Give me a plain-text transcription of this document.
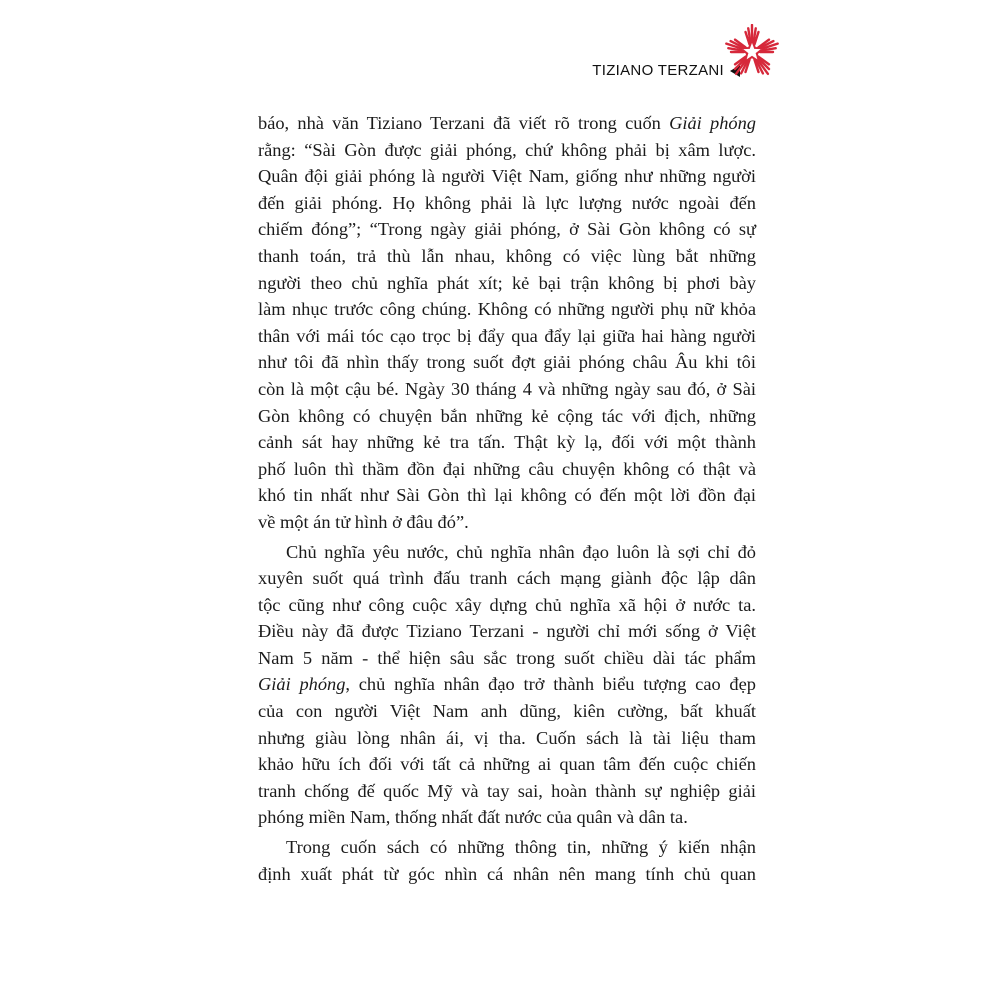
TIZIANO TERZANI
báo, nhà văn Tiziano Terzani đã viết rõ trong cuốn Giải phóng
rằng: “Sài Gòn được giải phóng, chứ không phải bị xâm lược.
Quân đội giải phóng là người Việt Nam, giống như những người
đến giải phóng. Họ không phải là lực lượng nước ngoài đến
chiếm đóng”; “Trong ngày giải phóng, ở Sài Gòn không có sự
thanh toán, trả thù lẫn nhau, không có việc lùng bắt những
người theo chủ nghĩa phát xít; kẻ bại trận không bị phơi bày
làm nhục trước công chúng. Không có những người phụ nữ khỏa
thân với mái tóc cạo trọc bị đẩy qua đẩy lại giữa hai hàng người
như tôi đã nhìn thấy trong suốt đợt giải phóng châu Âu khi tôi
còn là một cậu bé. Ngày 30 tháng 4 và những ngày sau đó, ở Sài
Gòn không có chuyện bắn những kẻ cộng tác với địch, những
cảnh sát hay những kẻ tra tấn. Thật kỳ lạ, đối với một thành
phố luôn thì thầm đồn đại những câu chuyện không có thật và
khó tin nhất như Sài Gòn thì lại không có đến một lời đồn đại
về một án tử hình ở đâu đó”.
Chủ nghĩa yêu nước, chủ nghĩa nhân đạo luôn là sợi chỉ đỏ
xuyên suốt quá trình đấu tranh cách mạng giành độc lập dân
tộc cũng như công cuộc xây dựng chủ nghĩa xã hội ở nước ta.
Điều này đã được Tiziano Terzani - người chỉ mới sống ở Việt
Nam 5 năm - thể hiện sâu sắc trong suốt chiều dài tác phẩm
Giải phóng, chủ nghĩa nhân đạo trở thành biểu tượng cao đẹp
của con người Việt Nam anh dũng, kiên cường, bất khuất
nhưng giàu lòng nhân ái, vị tha. Cuốn sách là tài liệu tham
khảo hữu ích đối với tất cả những ai quan tâm đến cuộc chiến
tranh chống đế quốc Mỹ và tay sai, hoàn thành sự nghiệp giải
phóng miền Nam, thống nhất đất nước của quân và dân ta.
Trong cuốn sách có những thông tin, những ý kiến nhận
định xuất phát từ góc nhìn cá nhân nên mang tính chủ quan
